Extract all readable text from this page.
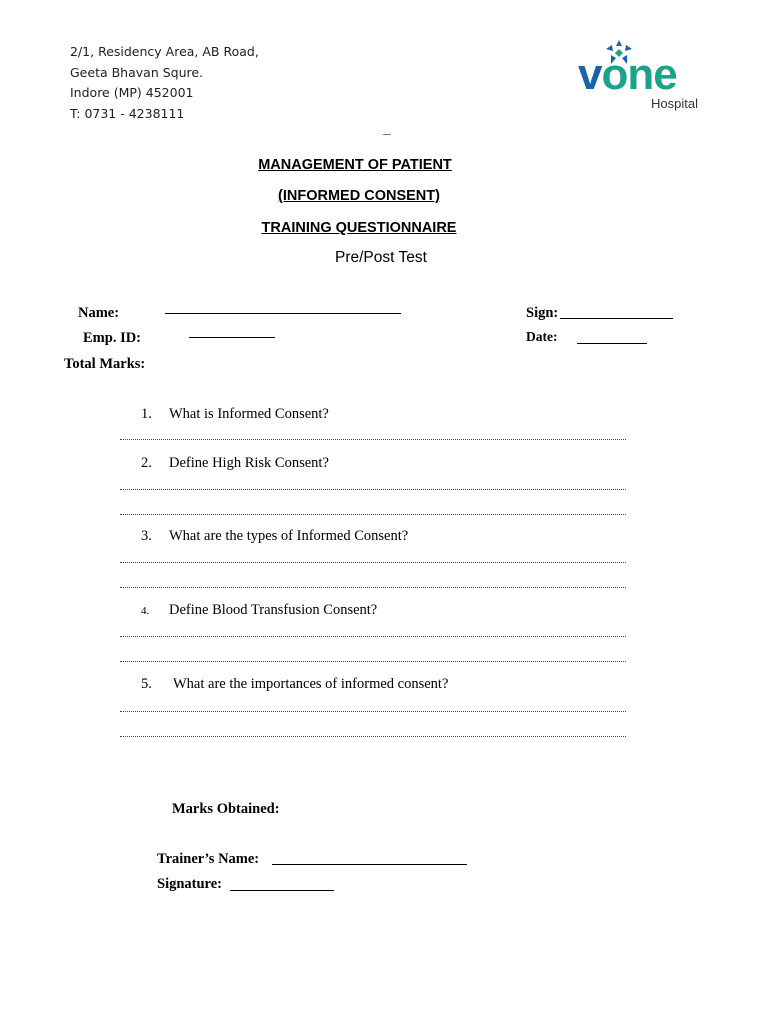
2/1, Residency Area, AB Road,
Geeta Bhavan Squre.
Indore (MP) 452001
T: 0731 - 4238111
vone
Hospital
_
MANAGEMENT OF PATIENT
(INFORMED CONSENT)
TRAINING QUESTIONNAIRE
Pre/Post Test
Name:
Emp. ID:
Total Marks:
Sign:
Date:
1. What is Informed Consent?
2. Define High Risk Consent?
3. What are the types of Informed Consent?
4. Define Blood Transfusion Consent?
5. What are the importances of informed consent?
Marks Obtained:
Trainer’s Name:
Signature:
